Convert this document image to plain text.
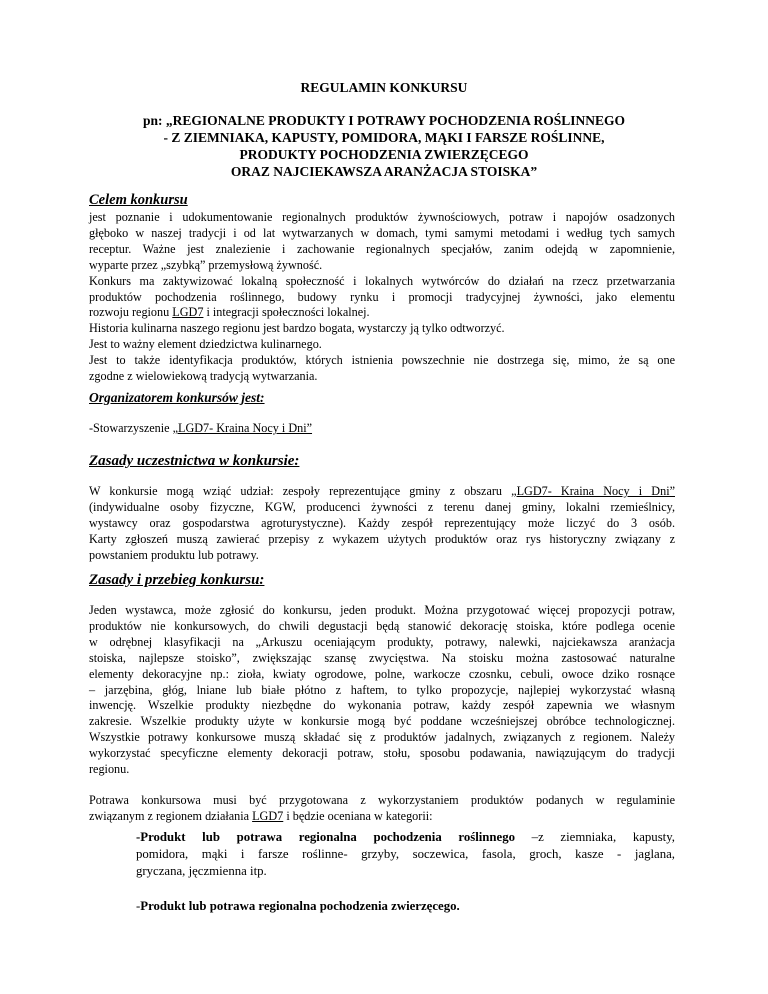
REGULAMIN KONKURSU
pn: „REGIONALNE PRODUKTY I POTRAWY POCHODZENIA ROŚLINNEGO
- Z ZIEMNIAKA, KAPUSTY, POMIDORA, MĄKI I FARSZE ROŚLINNE,
PRODUKTY POCHODZENIA ZWIERZĘCEGO
ORAZ NAJCIEKAWSZA ARANŻACJA STOISKA”
Celem konkursu
jest poznanie i udokumentowanie regionalnych produktów żywnościowych, potraw i napojów osadzonych
głęboko w naszej tradycji i od lat wytwarzanych w domach, tymi samymi metodami i według tych samych
receptur. Ważne jest znalezienie i zachowanie regionalnych specjałów, zanim odejdą w zapomnienie,
wyparte przez „szybką” przemysłową żywność.
Konkurs ma zaktywizować lokalną społeczność i lokalnych wytwórców do działań na rzecz przetwarzania
produktów pochodzenia roślinnego, budowy rynku i promocji tradycyjnej żywności, jako elementu
rozwoju regionu LGD7 i integracji społeczności lokalnej.
Historia kulinarna naszego regionu jest bardzo bogata, wystarczy ją tylko odtworzyć.
Jest to ważny element dziedzictwa kulinarnego.
Jest to także identyfikacja produktów, których istnienia powszechnie nie dostrzega się, mimo, że są one
zgodne z wielowiekową tradycją wytwarzania.
Organizatorem konkursów jest:
-Stowarzyszenie „LGD7- Kraina Nocy i Dni”
Zasady uczestnictwa w konkursie:
W konkursie mogą wziąć udział: zespoły reprezentujące gminy z obszaru „LGD7- Kraina Nocy i Dni”
(indywidualne osoby fizyczne, KGW, producenci żywności z terenu danej gminy, lokalni rzemieślnicy,
wystawcy oraz gospodarstwa agroturystyczne). Każdy zespół reprezentujący może liczyć do 3 osób.
Karty zgłoszeń muszą zawierać przepisy z wykazem użytych produktów oraz rys historyczny związany z
powstaniem produktu lub potrawy.
Zasady i przebieg konkursu:
Jeden wystawca, może zgłosić do konkursu, jeden produkt. Można przygotować więcej propozycji potraw,
produktów nie konkursowych, do chwili degustacji będą stanowić dekorację stoiska, które podlega ocenie
w odrębnej klasyfikacji na „Arkuszu oceniającym produkty, potrawy, nalewki, najciekawsza aranżacja
stoiska, najlepsze stoisko”, zwiększając szansę zwycięstwa. Na stoisku można zastosować naturalne
elementy dekoracyjne np.: zioła, kwiaty ogrodowe, polne, warkocze czosnku, cebuli, owoce dziko rosnące
– jarzębina, głóg, lniane lub białe płótno z haftem, to tylko propozycje, najlepiej wykorzystać własną
inwencję. Wszelkie produkty niezbędne do wykonania potraw, każdy zespół zapewnia we własnym
zakresie. Wszelkie produkty użyte w konkursie mogą być poddane wcześniejszej obróbce technologicznej.
Wszystkie potrawy konkursowe muszą składać się z produktów jadalnych, związanych z regionem. Należy
wykorzystać specyficzne elementy dekoracji potraw, stołu, sposobu podawania, nawiązującym do tradycji
regionu.
Potrawa konkursowa musi być przygotowana z wykorzystaniem produktów podanych w regulaminie
związanym z regionem działania LGD7 i będzie oceniana w kategorii:
-Produkt lub potrawa regionalna pochodzenia roślinnego –z ziemniaka, kapusty,
pomidora, mąki i farsze roślinne- grzyby, soczewica, fasola, groch, kasze - jaglana,
gryczana, jęczmienna itp.
-Produkt lub potrawa regionalna pochodzenia zwierzęcego.
